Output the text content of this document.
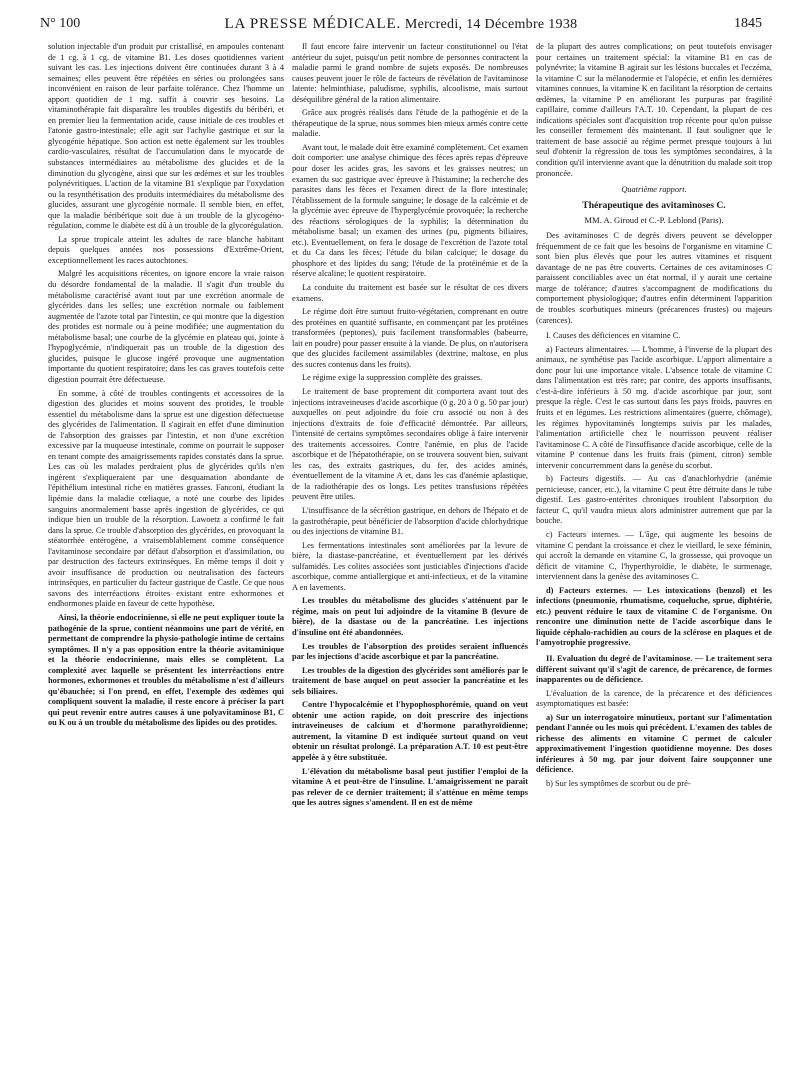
N° 100	LA PRESSE MÉDICALE. Mercredi, 14 Décembre 1938	1845

solution injectable d'un produit pur cristallisé, en ampoules contenant de 1 cg. à 1 cg. de vitamine B1. Les doses quotidiennes varient suivant les cas. Les injections doivent être continuées durant 3 à 4 semaines; elles peuvent être répétées en séries ou prolongées sans inconvénient en raison de leur parfaite tolérance. Chez l'homme un apport quotidien de 1 mg. suffit à couvrir ses besoins. La vitaminothérapie fait disparaître les troubles digestifs du béribéri, et en premier lieu la fermentation acide, cause initiale de ces troubles et l'atonie gastro-intestinale; elle agit sur l'achylie gastrique et sur la glycogénie hépatique. Son action est nette également sur les troubles cardio-vasculaires, résultat de l'accumulation dans le myocarde de substances intermédiaires au métabolisme des glucides et de la diminution du glycogène, ainsi que sur les œdèmes et sur les troubles polynévritiques. L'action de la vitamine B1 s'explique par l'oxydation ou la resynthétisation des produits intermédiaires du métabolisme des glucides, assurant une glycogénie normale. Il semble bien, en effet, que la maladie béribérique soit due à un trouble de la glycogéno-régulation, comme le diabète est dû à un trouble de la glycorégulation.

La sprue tropicale atteint les adultes de race blanche habitant depuis quelques années nos possessions d'Extrême-Orient, exceptionnellement les races autochtones.

Malgré les acquisitions récentes, on ignore encore la vraie raison du désordre fondamental de la maladie. Il s'agit d'un trouble du métabolisme caractérisé avant tout par une excrétion anormale de glycérides dans les selles; une excrétion normale ou faiblement augmentée de l'azote total par l'intestin, ce qui montre que la digestion des protides est normale ou à peine modifiée; une augmentation du métabolisme basal; une courbe de la glycémie en plateau qui, jointe à l'hypoglycémie, n'indiquerait pas un trouble de la digestion des glucides, puisque le glucose ingéré provoque une augmentation importante du quotient respiratoire; dans les cas graves toutefois cette digestion pourrait être défectueuse.

En somme, à côté de troubles contingents et accessoires de la digestion des glucides et moins souvent des protides, le trouble essentiel du métabolisme dans la sprue est une digestion défectueuse des glycérides de l'alimentation. Il s'agirait en effet d'une diminution de l'absorption des graisses par l'intestin, et non d'une excrétion excessive par la muqueuse intestinale, comme on pourrait le supposer en tenant compte des amaigrissements rapides constatés dans la sprue. Les cas où les malades perdraient plus de glycérides qu'ils n'en ingèrent s'expliqueraient par une desquamation abondante de l'épithélium intestinal riche en matières grasses. Fanconi, étudiant la lipémie dans la maladie cœliaque, a noté une courbe des lipides sanguins anormalement basse après ingestion de glycérides, ce qui indique bien un trouble de la résorption. Lawoetz a confirmé le fait dans la sprue. Ce trouble d'absorption des glycérides, en provoquant la stéatorrhée entérogène, a vraisemblablement comme conséquence l'avitaminose secondaire par défaut d'absorption et d'assimilation, ou par destruction des facteurs extrinsèques. En même temps il doit y avoir insuffisance de production ou neutralisation des facteurs intrinsèques, en particulier du facteur gastrique de Castle. Ce que nous savons des interréactions étroites existant entre exhormones et endhormones plaide en faveur de cette hypothèse.

Ainsi, la théorie endocrinienne, si elle ne peut expliquer toute la pathogénie de la sprue, contient néanmoins une part de vérité, en permettant de comprendre la physio-pathologie intime de certains symptômes. Il n'y a pas opposition entre la théorie avitaminique et la théorie endocrinienne, mais elles se complètent. La complexité avec laquelle se présentent les interréactions entre hormones, exhormones et troubles du métabolisme n'est d'ailleurs qu'ébauchée; si l'on prend, en effet, l'exemple des œdèmes qui compliquent souvent la maladie, il reste encore à préciser la part qui peut revenir entre autres causes à une polyavitaminose B1, C ou K ou à un trouble du métabolisme des lipides ou des protides.

Il faut encore faire intervenir un facteur constitutionnel ou l'état antérieur du sujet, puisqu'un petit nombre de personnes contractent la maladie parmi le grand nombre de sujets exposés. De nombreuses causes peuvent jouer le rôle de facteurs de révélation de l'avitaminose latente: helminthiase, paludisme, syphilis, alcoolisme, mais surtout déséquilibre général de la ration alimentaire.

Grâce aux progrès réalisés dans l'étude de la pathogénie et de la thérapeutique de la sprue, nous sommes bien mieux armés contre cette maladie.

Avant tout, le malade doit être examiné complètement. Cet examen doit comporter: une analyse chimique des fèces après repas d'épreuve pour doser les acides gras, les savons et les graisses neutres; un examen du suc gastrique avec épreuve à l'histamine; la recherche des parasites dans les fèces et l'examen direct de la flore intestinale; l'établissement de la formule sanguine; le dosage de la calcémie et de la glycémie avec épreuve de l'hyperglycémie provoquée; la recherche des réactions sérologiques de la syphilis; la détermination du métabolisme basal; un examen des urines (pu, pigments biliaires, etc.). Eventuellement, on fera le dosage de l'excrétion de l'azote total et du Ca dans les fèces; l'étude du bilan calcique; le dosage du phosphore et des lipides du sang; l'étude de la protéinémie et de la réserve alcaline; le quotient respiratoire.

La conduite du traitement est basée sur le résultat de ces divers examens.

Le régime doit être surtout fruito-végétarien, comprenant en outre des protéines en quantité suffisante, en commençant par les protéines transformées (peptones), puis facilement transformables (babeurre, lait en poudre) pour passer ensuite à la viande. De plus, on n'autorisera que des glucides facilement assimilables (dextrine, maltose, en plus des sucres contenus dans les fruits).

Le régime exige la suppression complète des graisses.

Le traitement de base proprement dit comportera avant tout des injections intraveineuses d'acide ascorbique (0 g. 20 à 0 g. 50 par jour) auxquelles on peut adjoindre du foie cru associé ou non à des injections d'extraits de foie d'efficacité démontrée. Par ailleurs, l'intensité de certains symptômes secondaires oblige à faire intervenir des traitements accessoires. Contre l'anémie, en plus de l'acide ascorbique et de l'hépatothérapie, on se trouvera souvent bien, suivant les cas, des extraits gastriques, du fer, des acides aminés, éventuellement de la vitamine A et, dans les cas d'anémie aplastique, de la radiothérapie des os longs. Les petites transfusions répétées peuvent être utiles.

L'insuffisance de la sécrétion gastrique, en dehors de l'hépato et de la gastrothérapie, peut bénéficier de l'absorption d'acide chlorhydrique ou des injections de vitamine B1.

Les fermentations intestinales sont améliorées par la levure de bière, la diastase-pancréatine, et éventuellement par les dérivés sulfamidés. Les colites associées sont justiciables d'injections d'acide ascorbique, comme antiallergique et anti-infectieux, et de la vitamine A en lavements.

Les troubles du métabolisme des glucides s'atténuent par le régime, mais on peut lui adjoindre de la vitamine B (levure de bière), de la diastase ou de la pancréatine. Les injections d'insuline ont été abandonnées.

Les troubles de l'absorption des protides seraient influencés par les injections d'acide ascorbique et par la pancréatine.

Les troubles de la digestion des glycérides sont améliorés par le traitement de base auquel on peut associer la pancréatine et les sels biliaires.

Contre l'hypocalcémie et l'hypophosphorémie, quand on veut obtenir une action rapide, on doit prescrire des injections intraveineuses de calcium et d'hormone parathyroïdienne; autrement, la vitamine D est indiquée surtout quand on veut obtenir un résultat prolongé. La préparation A.T. 10 est peut-être appelée à y être substituée.

L'élévation du métabolisme basal peut justifier l'emploi de la vitamine A et peut-être de l'insuline. L'amaigrissement ne paraît pas relever de ce dernier traitement; il s'atténue en même temps que les autres signes s'amendent. Il en est de même

de la plupart des autres complications; on peut toutefois envisager pour certaines un traitement spécial: la vitamine B1 en cas de polynévrite; la vitamine B agirait sur les lésions buccales et l'eczéma, la vitamine C sur la mélanodermie et l'alopécie, et enfin les dernières vitamines connues, la vitamine K en facilitant la résorption de certains œdèmes, la vitamine P en améliorant les purpuras par fragilité capillaire, comme d'ailleurs l'A.T. 10. Cependant, la plupart de ces indications spéciales sont d'acquisition trop récente pour qu'on puisse les conseiller fermement dès maintenant. Il faut souligner que le traitement de base associé au régime permet presque toujours à lui seul d'obtenir la régression de tous les symptômes secondaires, à la condition qu'il intervienne avant que la dénutrition du malade soit trop prononcée.

Quatrième rapport.

Thérapeutique des avitaminoses C.

MM. A. Giroud et C.-P. Leblond (Paris).

Des avitaminoses C de degrés divers peuvent se développer fréquemment de ce fait que les besoins de l'organisme en vitamine C sont bien plus élevés que pour les autres vitamines et risquent davantage de ne pas être couverts. Certaines de ces avitaminoses C paraissent conciliables avec un état normal, il y aurait une certaine marge de tolérance; d'autres s'accompagnent de modifications du comportement physiologique; d'autres enfin déterminent l'apparition de troubles scorbutiques mineurs (précarences frustes) ou majeurs (carences).

I. Causes des déficiences en vitamine C.

a) Facteurs alimentaires. — L'homme, à l'inverse de la plupart des animaux, ne synthétise pas l'acide ascorbique. L'apport alimentaire a donc pour lui une importance vitale. L'absence totale de vitamine C dans l'alimentation est très rare; par contre, des apports insuffisants, c'est-à-dire inférieurs à 50 mg. d'acide ascorbique par jour, sont presque la règle. C'est le cas surtout dans les pays froids, pauvres en fruits et en légumes. Les restrictions alimentaires (guerre, chômage), les régimes hypovitaminés longtemps suivis par les malades, l'alimentation artificielle chez le nourrisson peuvent réaliser l'avitaminose C. A côté de l'insuffisance d'acide ascorbique, celle de la vitamine P contenue dans les fruits frais (piment, citron) semble intervenir concurremment dans la genèse du scorbut.

b) Facteurs digestifs. — Au cas d'anachlorhydrie (anémie pernicieuse, cancer, etc.), la vitamine C peut être détruite dans le tube digestif. Les gastro-entérites chroniques troublent l'absorption du facteur C, qu'il vaudra mieux alors administrer autrement que par la bouche.

c) Facteurs internes. — L'âge, qui augmente les besoins de vitamine C pendant la croissance et chez le vieillard, le sexe féminin, qui accroît la demande en vitamine C, la grossesse, qui provoque un déficit de vitamine C, l'hyperthyroïdie, le diabète, le surmenage, interviennent dans la genèse des avitaminoses C.

d) Facteurs externes. — Les intoxications (benzol) et les infections (pneumonie, rhumatisme, coqueluche, sprue, diphtérie, etc.) peuvent réduire le taux de vitamine C de l'organisme. On rencontre une diminution nette de l'acide ascorbique dans le liquide céphalo-rachidien au cours de la sclérose en plaques et de l'amyotrophie progressive.

II. Evaluation du degré de l'avitaminose. — Le traitement sera différent suivant qu'il s'agit de carence, de précarence, de formes inapparentes ou de déficience.

L'évaluation de la carence, de la précarence et des déficiences asymptomatiques est basée:

a) Sur un interrogatoire minutieux, portant sur l'alimentation pendant l'année ou les mois qui précèdent. L'examen des tables de richesse des aliments en vitamine C permet de calculer approximativement l'ingestion quotidienne moyenne. Des doses inférieures à 50 mg. par jour doivent faire soupçonner une déficience.

b) Sur les symptômes de scorbut ou de pré-
